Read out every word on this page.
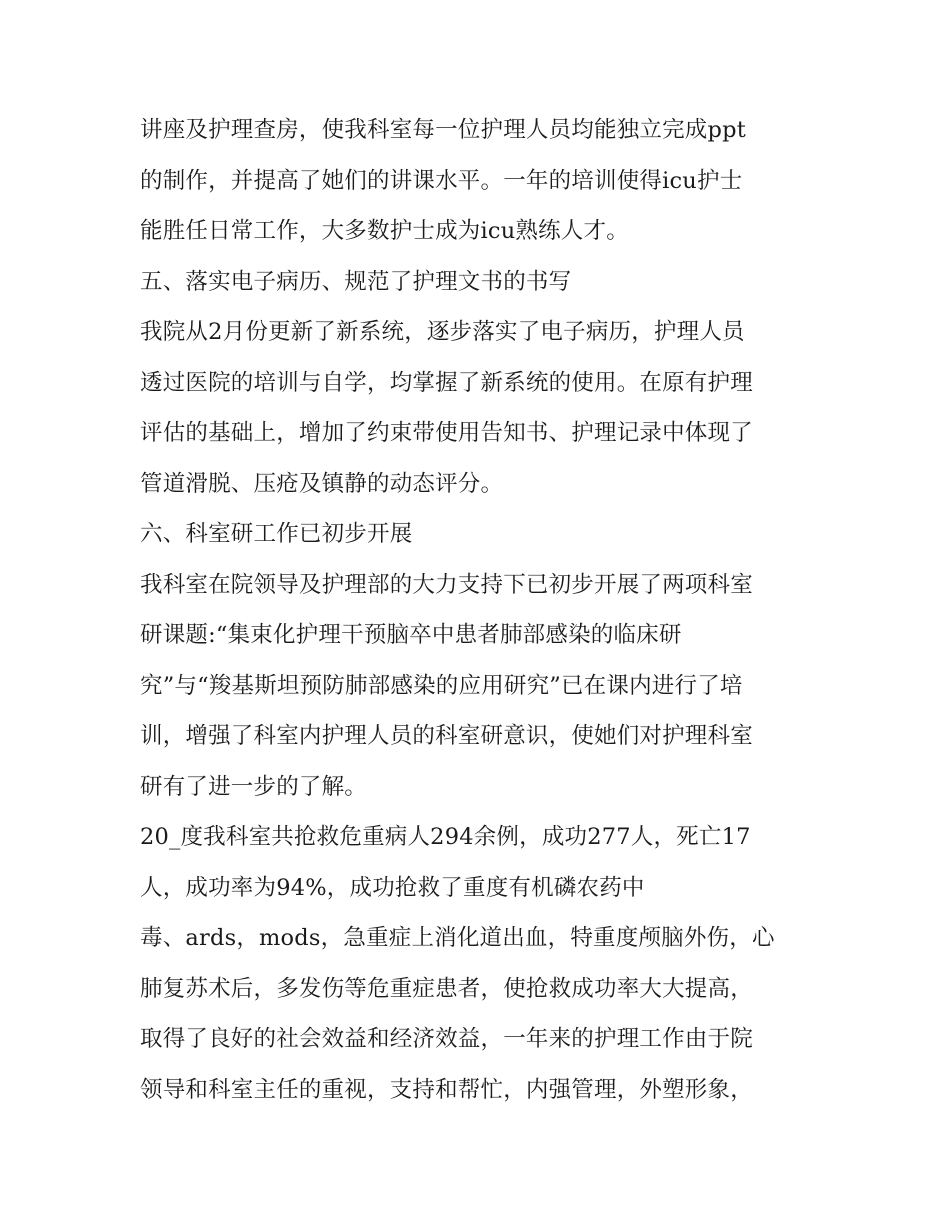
讲座及护理查房，使我科室每一位护理人员均能独立完成ppt
的制作，并提高了她们的讲课水平。一年的培训使得icu护士
能胜任日常工作，大多数护士成为icu熟练人才。
五、落实电子病历、规范了护理文书的书写
我院从2月份更新了新系统，逐步落实了电子病历，护理人员
透过医院的培训与自学，均掌握了新系统的使用。在原有护理
评估的基础上，增加了约束带使用告知书、护理记录中体现了
管道滑脱、压疮及镇静的动态评分。
六、科室研工作已初步开展
我科室在院领导及护理部的大力支持下已初步开展了两项科室
研课题:“集束化护理干预脑卒中患者肺部感染的临床研
究”与“羧基斯坦预防肺部感染的应用研究”已在课内进行了培
训，增强了科室内护理人员的科室研意识，使她们对护理科室
研有了进一步的了解。
20_度我科室共抢救危重病人294余例，成功277人，死亡17
人，成功率为94%，成功抢救了重度有机磷农药中
毒、ards，mods，急重症上消化道出血，特重度颅脑外伤，心
肺复苏术后，多发伤等危重症患者，使抢救成功率大大提高，
取得了良好的社会效益和经济效益，一年来的护理工作由于院
领导和科室主任的重视，支持和帮忙，内强管理，外塑形象，
